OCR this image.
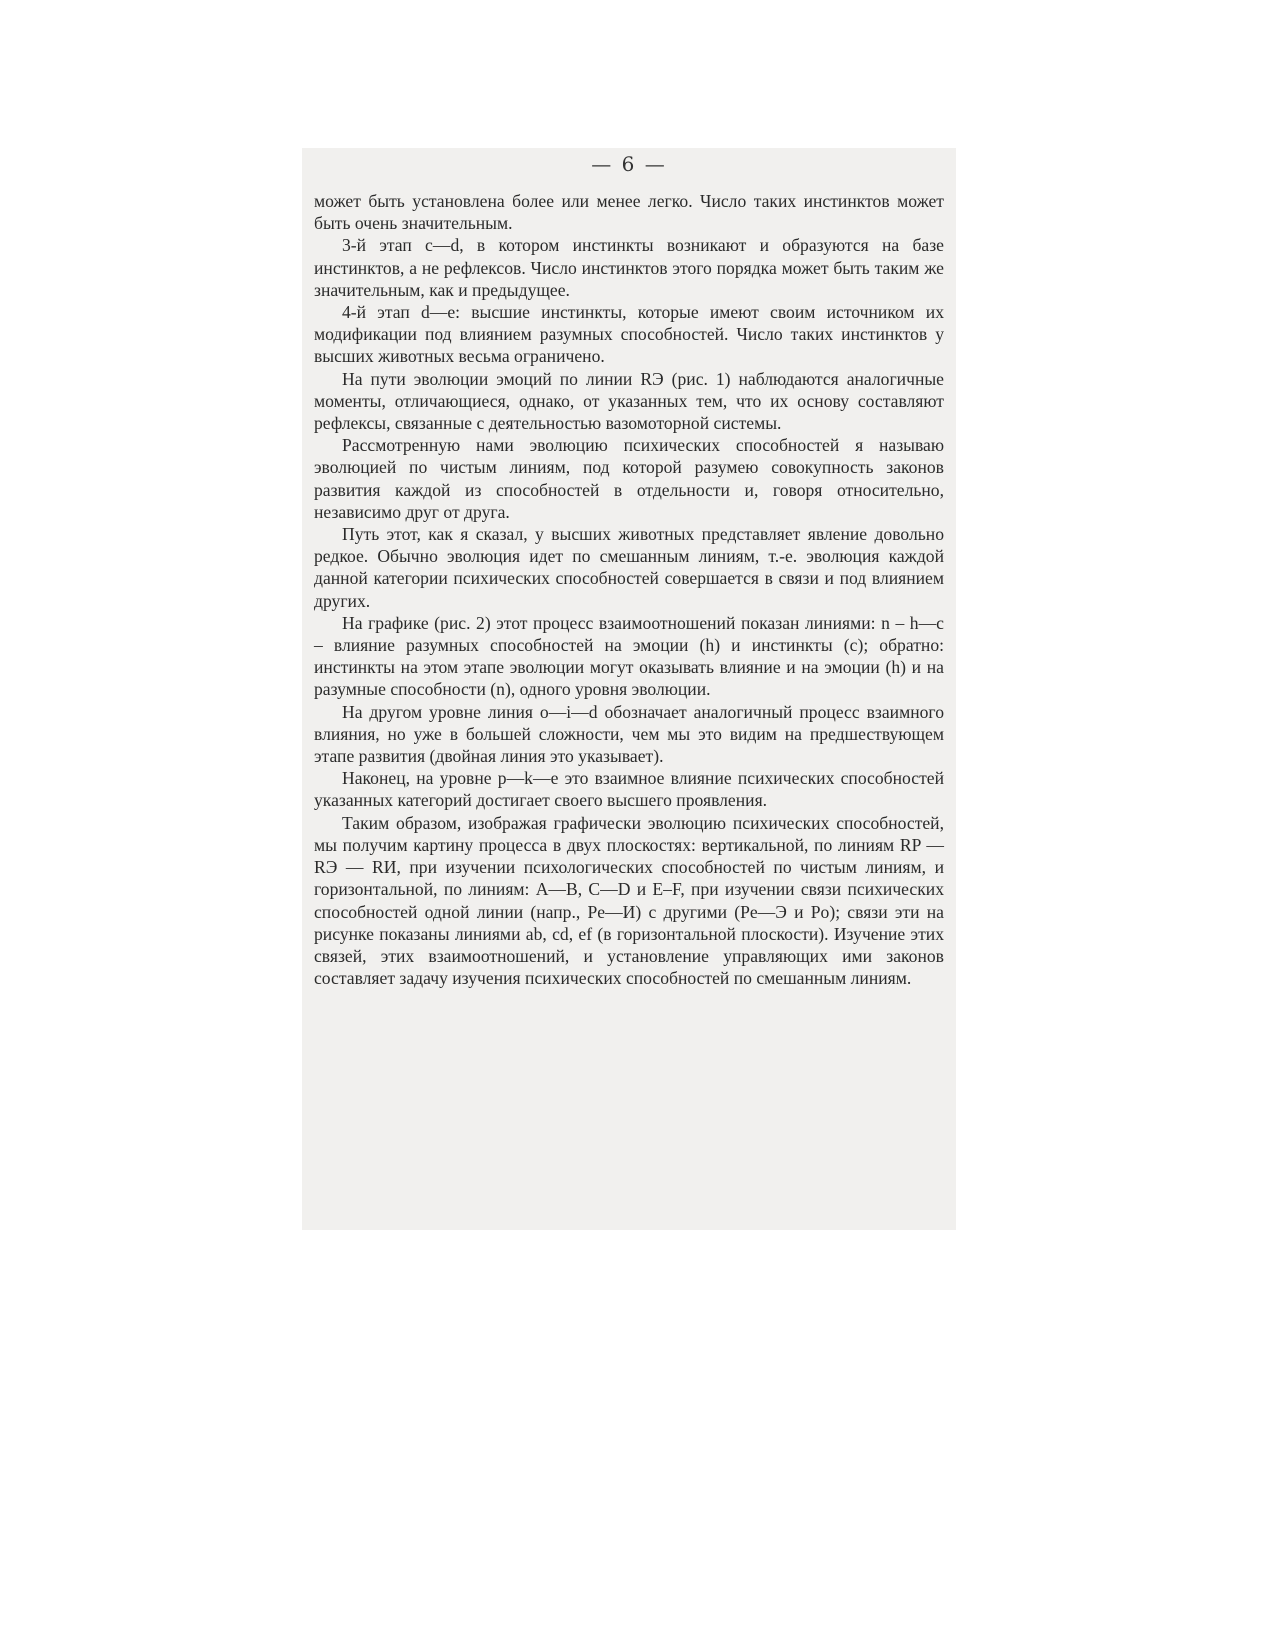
— 6 —

может быть установлена более или менее легко. Число таких инстинктов может быть очень значительным.

3-й этап c—d, в котором инстинкты возникают и образуются на базе инстинктов, а не рефлексов. Число инстинктов этого порядка может быть таким же значительным, как и предыдущее.

4-й этап d—e: высшие инстинкты, которые имеют своим источником их модификации под влиянием разумных способностей. Число таких инстинктов у высших животных весьма ограничено.

На пути эволюции эмоций по линии RЭ (рис. 1) наблюдаются аналогичные моменты, отличающиеся, однако, от указанных тем, что их основу составляют рефлексы, связанные с деятельностью вазомоторной системы.

Рассмотренную нами эволюцию психических способностей я называю эволюцией по чистым линиям, под которой разумею совокупность законов развития каждой из способностей в отдельности и, говоря относительно, независимо друг от друга.

Путь этот, как я сказал, у высших животных представляет явление довольно редкое. Обычно эволюция идет по смешанным линиям, т.-е. эволюция каждой данной категории психических способностей совершается в связи и под влиянием других.

На графике (рис. 2) этот процесс взаимоотношений показан линиями: n – h—c – влияние разумных способностей на эмоции (h) и инстинкты (c); обратно: инстинкты на этом этапе эволюции могут оказывать влияние и на эмоции (h) и на разумные способности (n), одного уровня эволюции.

На другом уровне линия o—i—d обозначает аналогичный процесс взаимного влияния, но уже в большей сложности, чем мы это видим на предшествующем этапе развития (двойная линия это указывает).

Наконец, на уровне p—k—e это взаимное влияние психических способностей указанных категорий достигает своего высшего проявления.

Таким образом, изображая графически эволюцию психических способностей, мы получим картину процесса в двух плоскостях: вертикальной, по линиям RP — RЭ — RИ, при изучении психологических способностей по чистым линиям, и горизонтальной, по линиям: A—B, C—D и E–F, при изучении связи психических способностей одной линии (напр., Pe—И) с другими (Pe—Э и Po); связи эти на рисунке показаны линиями ab, cd, ef (в горизонтальной плоскости). Изучение этих связей, этих взаимоотношений, и установление управляющих ими законов составляет задачу изучения психических способностей по смешанным линиям.
